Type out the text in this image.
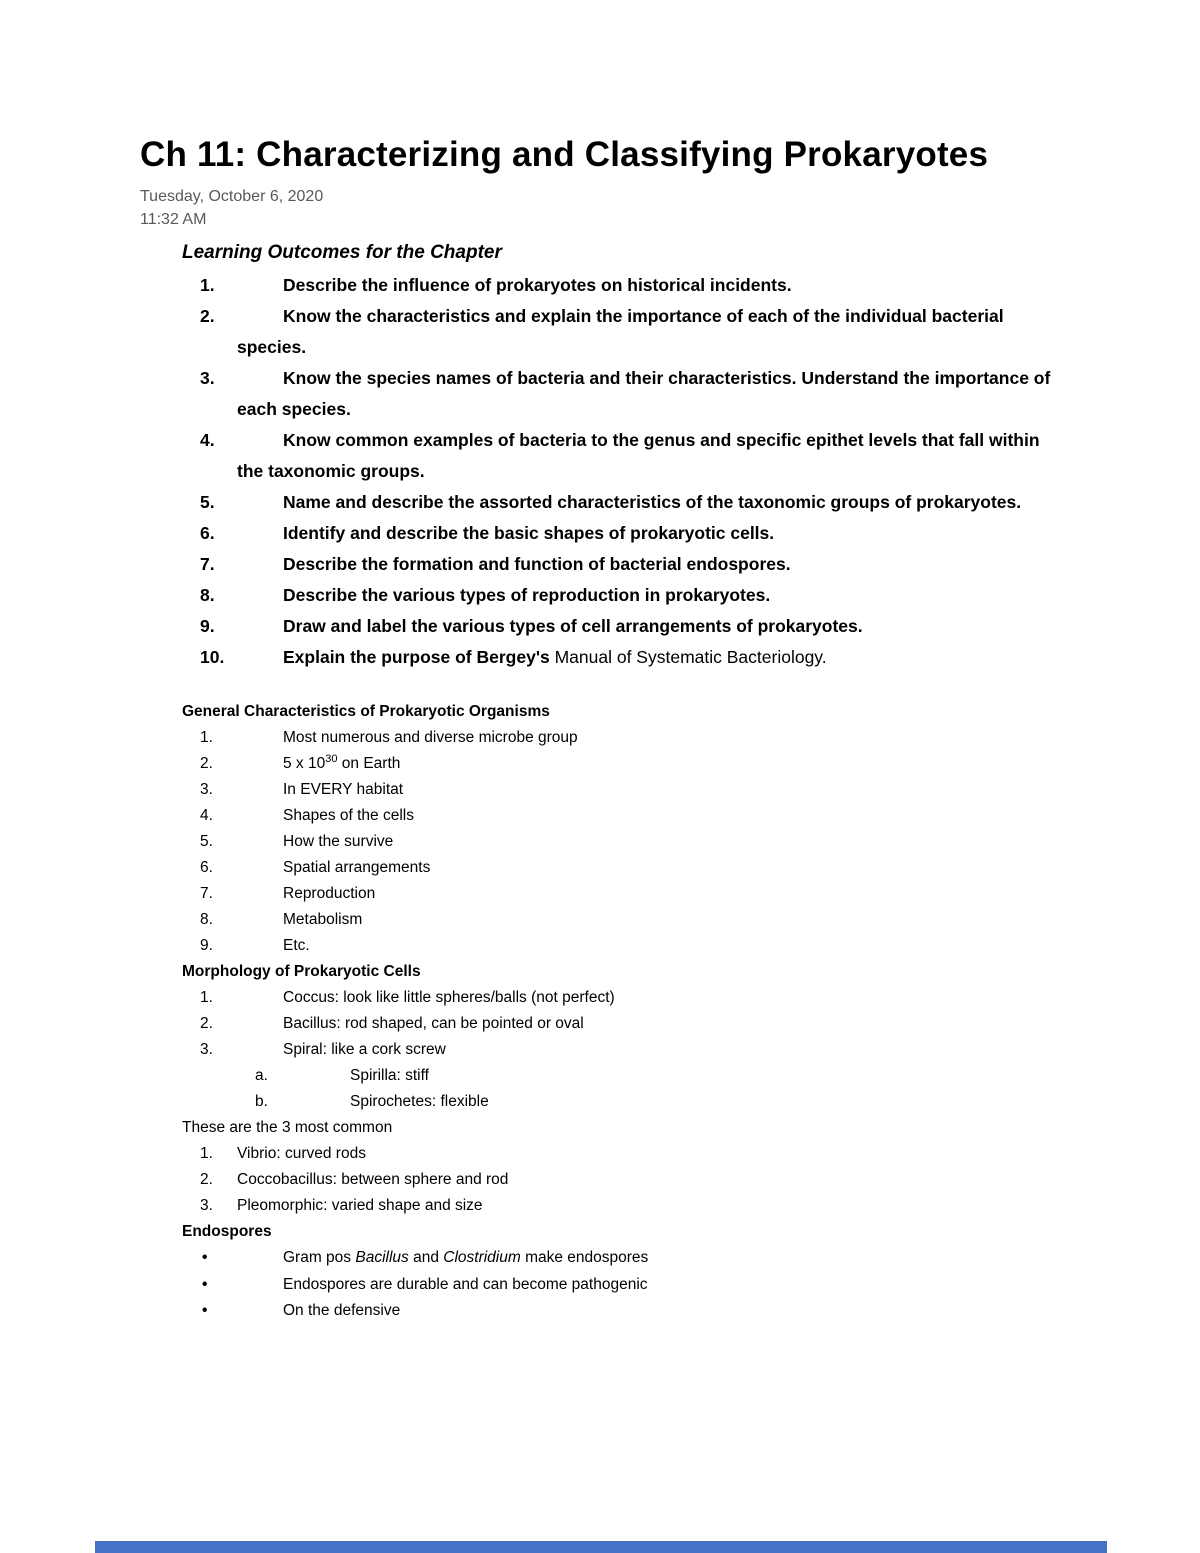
Ch 11: Characterizing and Classifying Prokaryotes
Tuesday, October 6, 2020
11:32 AM
Learning Outcomes for the Chapter
1.	Describe the influence of prokaryotes on historical incidents.
2.	Know the characteristics and explain the importance of each of the individual bacterial species.
3.	Know the species names of bacteria and their characteristics. Understand the importance of each species.
4.	Know common examples of bacteria to the genus and specific epithet levels that fall within the taxonomic groups.
5.	Name and describe the assorted characteristics of the taxonomic groups of prokaryotes.
6.	Identify and describe the basic shapes of prokaryotic cells.
7.	Describe the formation and function of bacterial endospores.
8.	Describe the various types of reproduction in prokaryotes.
9.	Draw and label the various types of cell arrangements of prokaryotes.
10.	Explain the purpose of Bergey's Manual of Systematic Bacteriology.
General Characteristics of Prokaryotic Organisms
1.	Most numerous and diverse microbe group
2.	5 x $10^{30}$ on Earth
3.	In EVERY habitat
4.	Shapes of the cells
5.	How the survive
6.	Spatial arrangements
7.	Reproduction
8.	Metabolism
9.	Etc.
Morphology of Prokaryotic Cells
1.	Coccus: look like little spheres/balls (not perfect)
2.	Bacillus: rod shaped, can be pointed or oval
3.	Spiral: like a cork screw
a.	Spirilla: stiff
b.	Spirochetes: flexible
These are the 3 most common
1. Vibrio: curved rods
2. Coccobacillus: between sphere and rod
3. Pleomorphic: varied shape and size
Endospores
•	Gram pos Bacillus and Clostridium make endospores
•	Endospores are durable and can become pathogenic
•	On the defensive
